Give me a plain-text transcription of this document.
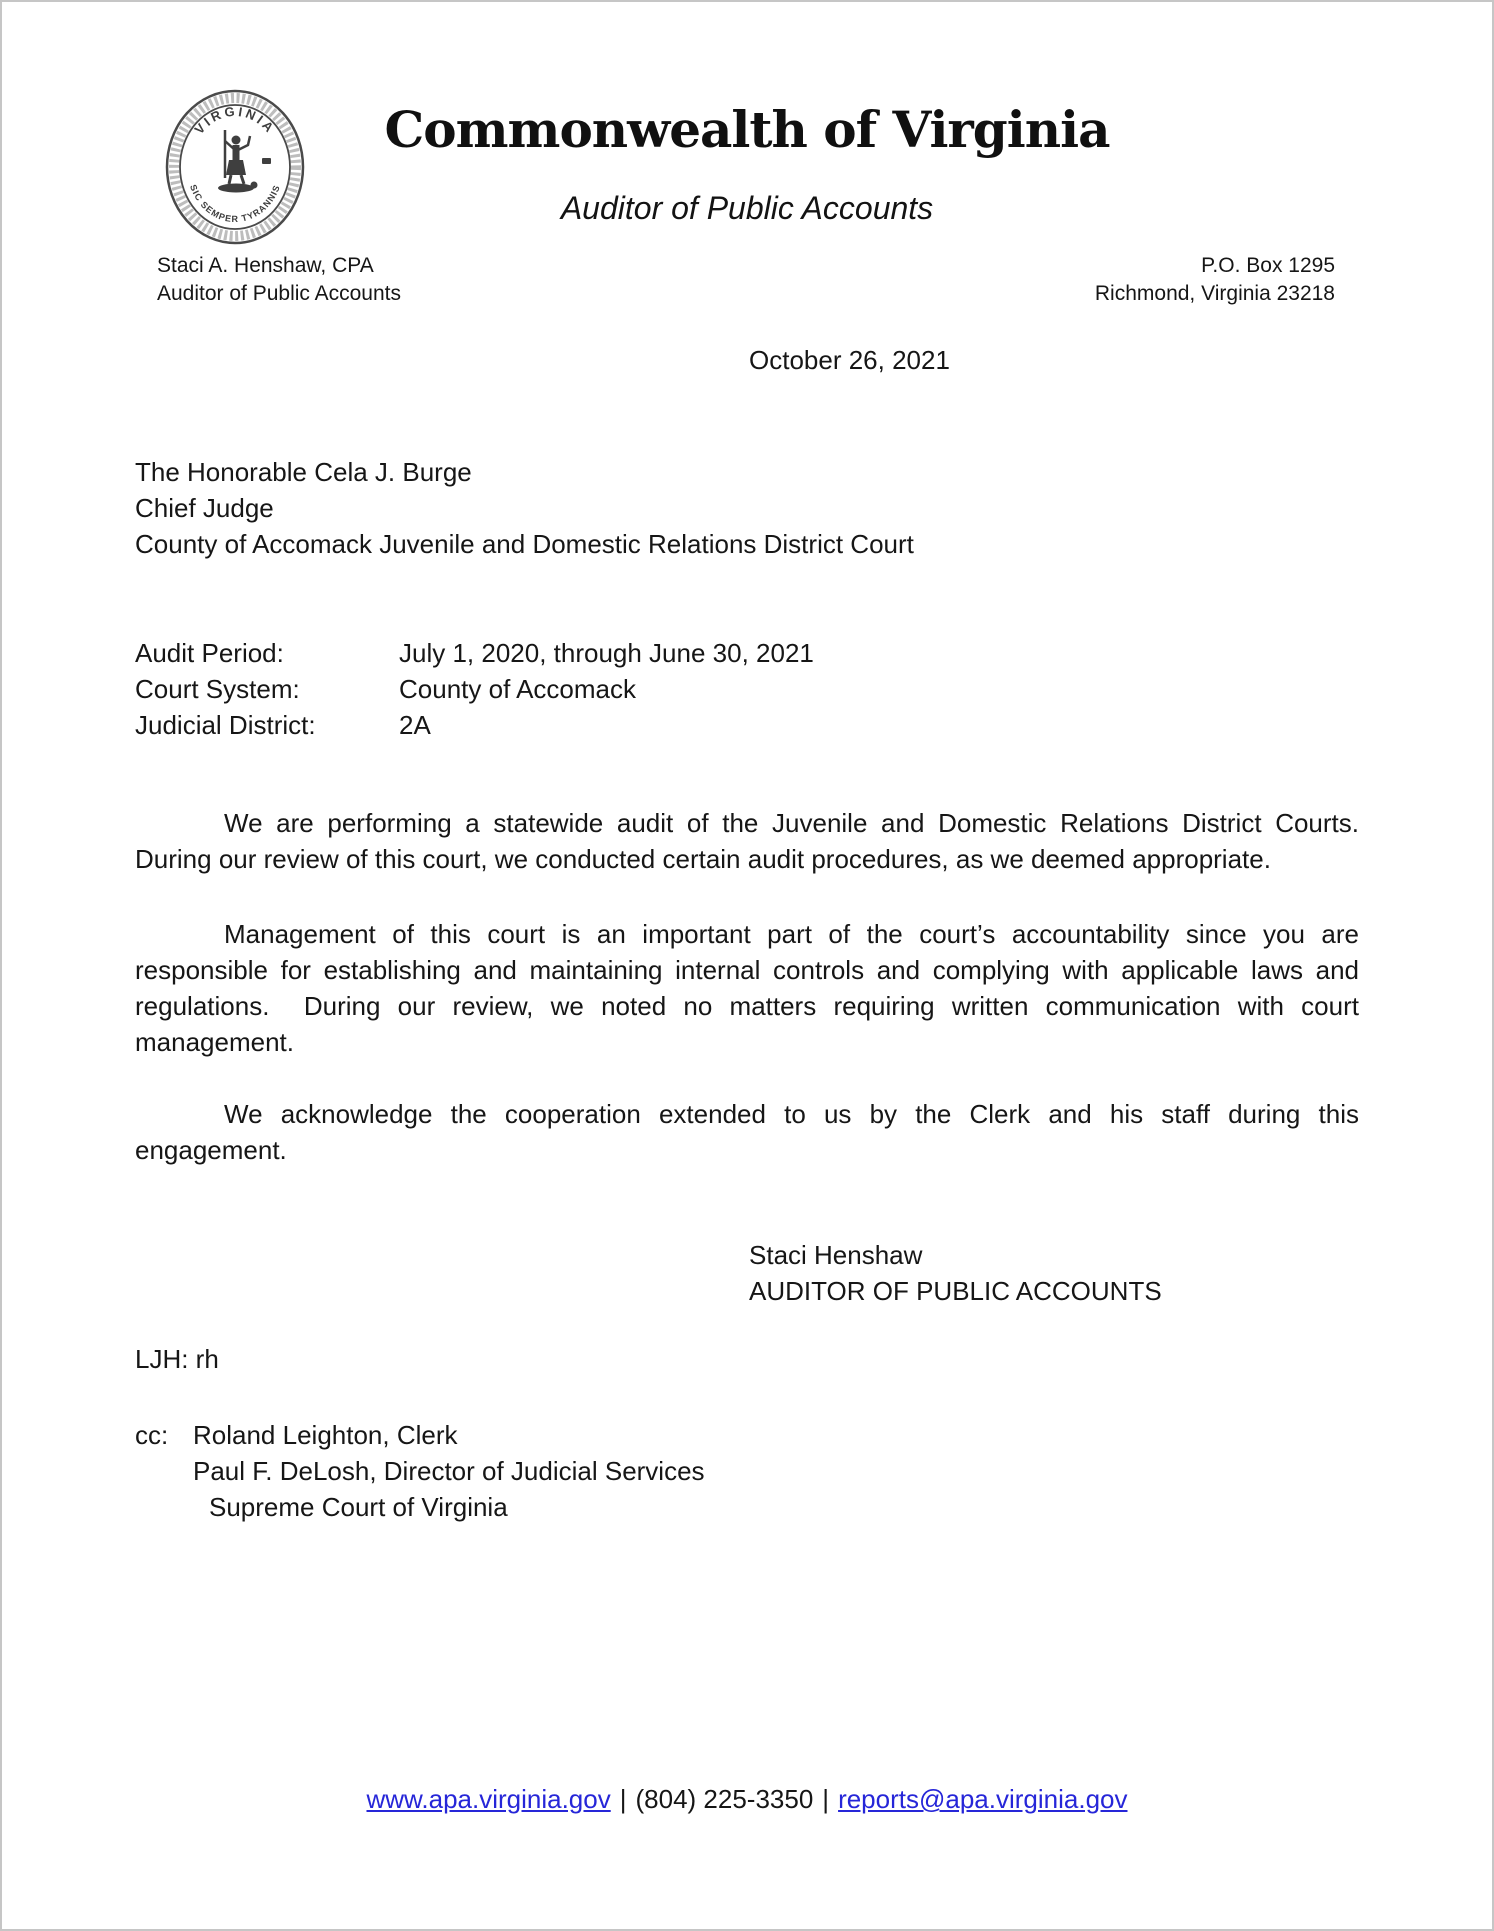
VIRGINIA
SIC SEMPER TYRANNIS
Commonwealth of Virginia
Auditor of Public Accounts
Staci A. Henshaw, CPA
Auditor of Public Accounts
P.O. Box 1295
Richmond, Virginia 23218
October 26, 2021
The Honorable Cela J. Burge
Chief Judge
County of Accomack Juvenile and Domestic Relations District Court
Audit Period:	July 1, 2020, through June 30, 2021
Court System:	County of Accomack
Judicial District:	2A

We are performing a statewide audit of the Juvenile and Domestic Relations District Courts. During our review of this court, we conducted certain audit procedures, as we deemed appropriate.

Management of this court is an important part of the court’s accountability since you are responsible for establishing and maintaining internal controls and complying with applicable laws and regulations.  During our review, we noted no matters requiring written communication with court management.

We acknowledge the cooperation extended to us by the Clerk and his staff during this engagement.

Staci Henshaw
AUDITOR OF PUBLIC ACCOUNTS
LJH: rh
cc: Roland Leighton, Clerk
Paul F. DeLosh, Director of Judicial Services
Supreme Court of Virginia
www.apa.virginia.gov | (804) 225-3350 | reports@apa.virginia.gov
